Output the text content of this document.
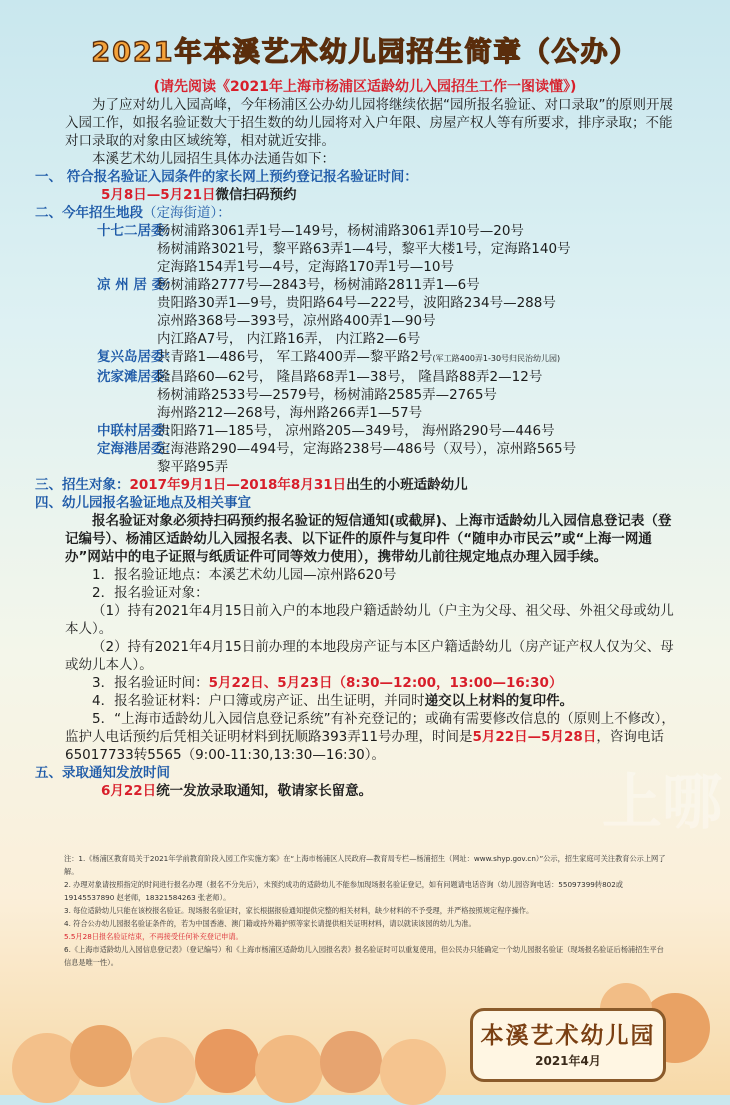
上哪
2021年本溪艺术幼儿园招生简章（公办）
(请先阅读《2021年上海市杨浦区适龄幼儿入园招生工作一图读懂》)

为了应对幼儿入园高峰，今年杨浦区公办幼儿园将继续依据“园所报名验证、对口录取”的原则开展入园工作，如报名验证数大于招生数的幼儿园将对入户年限、房屋产权人等有所要求，排序录取；不能对口录取的对象由区域统筹，相对就近安排。

本溪艺术幼儿园招生具体办法通告如下：

一、 符合报名验证入园条件的家长网上预约登记报名验证时间：

5月8日—5月21日微信扫码预约

二、今年招生地段（定海街道）：

十七二居委：
杨树浦路3061弄1号—149号，杨树浦路3061弄10号—20号
杨树浦路3021号，黎平路63弄1—4号，黎平大楼1号，定海路140号
定海路154弄1号—4号，定海路170弄1号—10号
凉 州 居 委：
杨树浦路2777号—2843号，杨树浦路2811弄1—6号
贵阳路30弄1—9号，贵阳路64号—222号，波阳路234号—288号
凉州路368号—393号，凉州路400弄1—90号
内江路A7号， 内江路16弄， 内江路2—6号
复兴岛居委：
共青路1—486号， 军工路400弄—黎平路2号(军工路400弄1-30号归民治幼儿园)
沈家滩居委：
隆昌路60—62号， 隆昌路68弄1—38号， 隆昌路88弄2—12号
杨树浦路2533号—2579号，杨树浦路2585弄—2765号
海州路212—268号，海州路266弄1—57号
中联村居委：
贵阳路71—185号， 凉州路205—349号， 海州路290号—446号
定海港居委：
定海港路290—494号，定海路238号—486号（双号），凉州路565号
黎平路95弄

三、招生对象：2017年9月1日—2018年8月31日出生的小班适龄幼儿

四、幼儿园报名验证地点及相关事宜

报名验证对象必须持扫码预约报名验证的短信通知(或截屏)、上海市适龄幼儿入园信息登记表（登记编号）、杨浦区适龄幼儿入园报名表、以下证件的原件与复印件（“随申办市民云”或“上海一网通办”网站中的电子证照与纸质证件可同等效力使用），携带幼儿前往规定地点办理入园手续。

1．报名验证地点：本溪艺术幼儿园—凉州路620号

2．报名验证对象：

（1）持有2021年4月15日前入户的本地段户籍适龄幼儿（户主为父母、祖父母、外祖父母或幼儿本人）。

（2）持有2021年4月15日前办理的本地段房产证与本区户籍适龄幼儿（房产证产权人仅为父、母或幼儿本人）。

3．报名验证时间：5月22日、5月23日（8:30—12:00，13:00—16:30）

4．报名验证材料：户口簿或房产证、出生证明，并同时递交以上材料的复印件。

5．“上海市适龄幼儿入园信息登记系统”有补充登记的；或确有需要修改信息的（原则上不修改），监护人电话预约后凭相关证明材料到抚顺路393弄11号办理，时间是5月22日—5月28日，咨询电话65017733转5565（9:00-11:30,13:30—16:30）。

五、录取通知发放时间

6月22日统一发放录取通知，敬请家长留意。

注：1.《杨浦区教育局关于2021年学前教育阶段入园工作实施方案》在“上海市杨浦区人民政府—教育局专栏—杨浦招生（网址：www.shyp.gov.cn）”公示，招生家庭可关注教育公示上网了解。
2. 办理对象请按照指定的时间进行报名办理（报名不分先后），未预约成功的适龄幼儿不能参加现场报名验证登记，如有问题请电话咨询（幼儿园咨询电话：55097399转802或 19145537890 赵老师，18321584263 张老师）。
3. 每位适龄幼儿只能在该校报名验证。现场报名验证时，家长根据报验通知提供完整的相关材料，缺少材料的不予受理，并严格按照规定程序操作。
4. 符合公办幼儿园报名验证条件的，若为中国香港、澳门籍或持外籍护照等家长请提供相关证明材料，请以就读该园的幼儿为准。
5.5月28日报名验证结束，不再接受任何补充登记申请。
6.《上海市适龄幼儿入园信息登记表》（登记编号）和《上海市杨浦区适龄幼儿入园报名表》报名验证时可以重复使用，但公民办只能确定一个幼儿园报名验证（现场报名验证后杨浦招生平台信息是唯一性）。
本溪艺术幼儿园
2021年4月
